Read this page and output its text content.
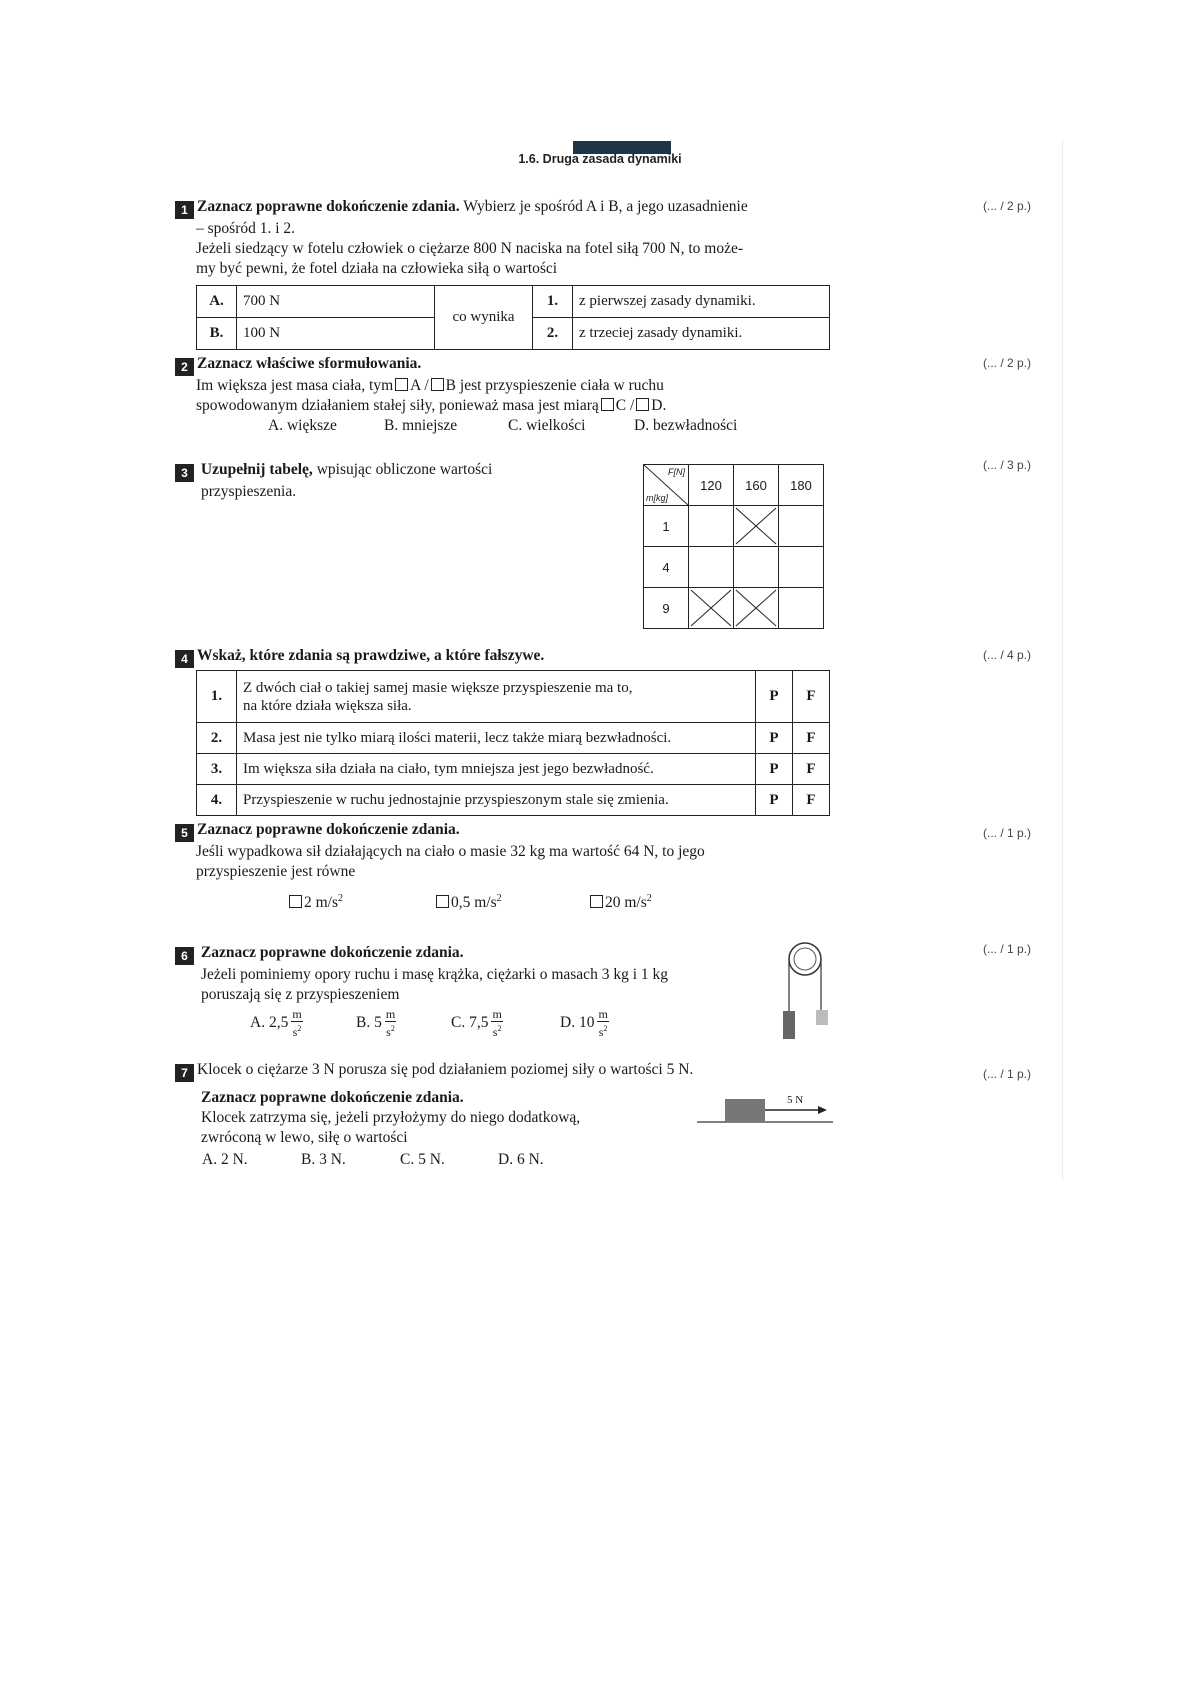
1.6. Druga zasada dynamiki
1 Zaznacz poprawne dokończenie zdania. Wybierz je spośród A i B, a jego uzasadnienie
– spośród 1. i 2.
Jeżeli siedzący w fotelu człowiek o ciężarze 800 N naciska na fotel siłą 700 N, to może-
my być pewni, że fotel działa na człowieka siłą o wartości
(... / 2 p.)
A.	700 N	co wynika	1.	z pierwszej zasady dynamiki.
B.	100 N		2.	z trzeciej zasady dynamiki.
2 Zaznacz właściwe sformułowania.
Im większa jest masa ciała, tym A / B jest przyspieszenie ciała w ruchu
spowodowanym działaniem stałej siły, ponieważ masa jest miarą C / D.
(... / 2 p.)
A. większe	B. mniejsze	C. wielkości	D. bezwładności
3 Uzupełnij tabelę, wpisując obliczone wartości
przyspieszenia.
(... / 3 p.)
F[N]
m[kg]	120	160	180
1		

4			
9	

4 Wskaż, które zdania są prawdziwe, a które fałszywe.	(... / 4 p.)
1.	Z dwóch ciał o takiej samej masie większe przyspieszenie ma to,
na które działa większa siła.	P	F
2.	Masa jest nie tylko miarą ilości materii, lecz także miarą bezwładności.	P	F
3.	Im większa siła działa na ciało, tym mniejsza jest jego bezwładność.	P	F
4.	Przyspieszenie w ruchu jednostajnie przyspieszonym stale się zmienia.	P	F
5 Zaznacz poprawne dokończenie zdania.
Jeśli wypadkowa sił działających na ciało o masie 32 kg ma wartość 64 N, to jego
przyspieszenie jest równe
(... / 1 p.)
2 $m/s^2$	0,5 $m/s^2$	20 $m/s^2$
6 Zaznacz poprawne dokończenie zdania.
Jeżeli pominiemy opory ruchu i masę krążka, ciężarki o masach 3 kg i 1 kg
poruszają się z przyspieszeniem
(... / 1 p.)
A. $2,5 \frac{m}{s^2}$	B. $5 \frac{m}{s^2}$	C. $7,5 \frac{m}{s^2}$	D. $10 \frac{m}{s^2}$
7 Klocek o ciężarze 3 N porusza się pod działaniem poziomej siły o wartości 5 N.
Zaznacz poprawne dokończenie zdania.
Klocek zatrzyma się, jeżeli przyłożymy do niego dodatkową,
zwróconą w lewo, siłę o wartości
(... / 1 p.)
A. 2 N.	B. 3 N.	C. 5 N.	D. 6 N.
5 N
